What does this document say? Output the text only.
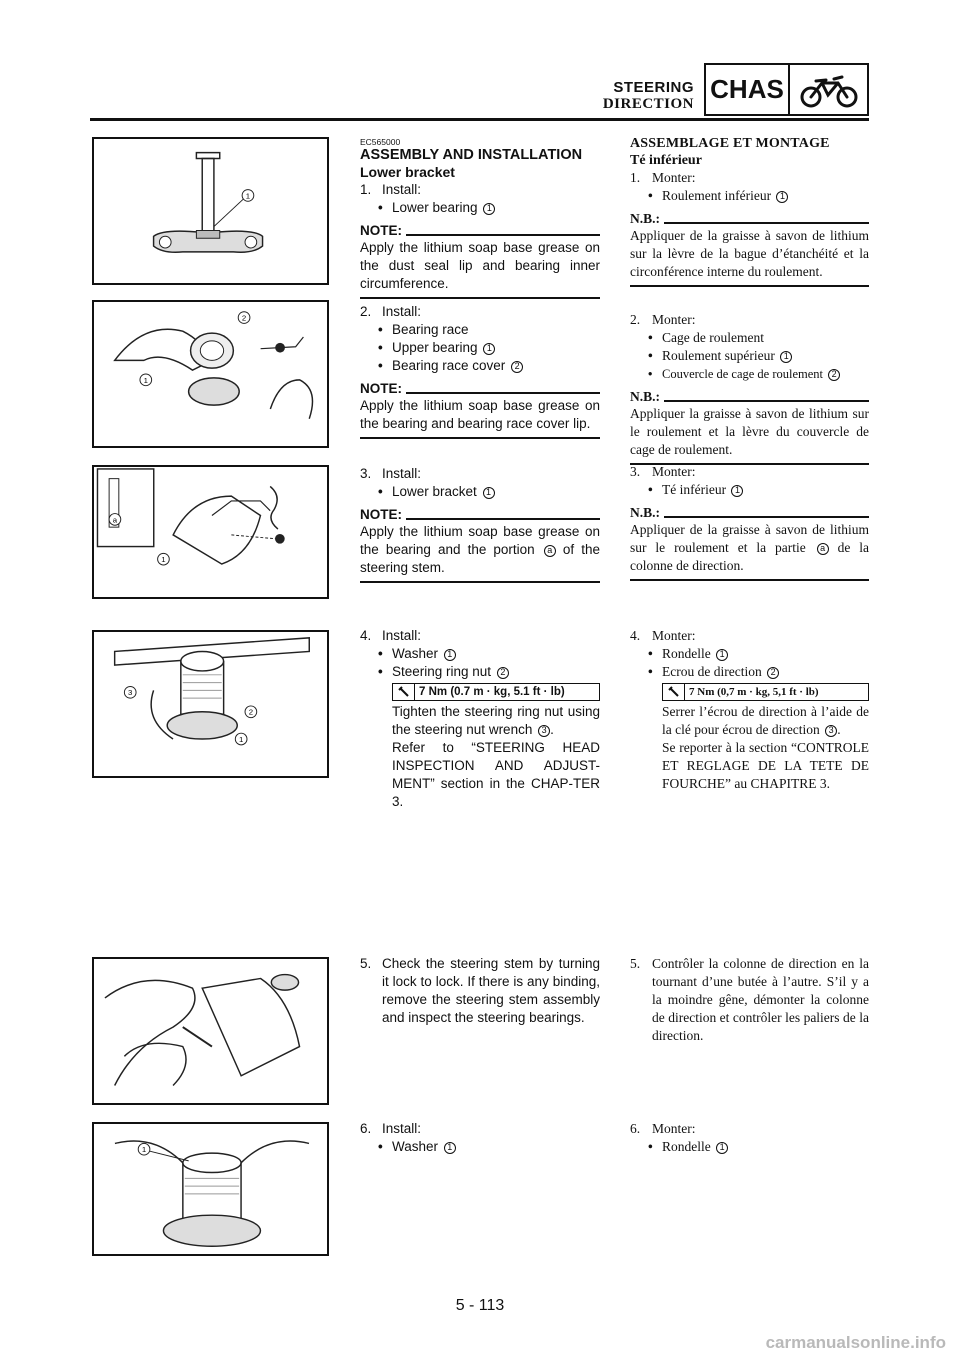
STEERING
DIRECTION CHAS
1
2
1
a
1
3
2
1
1
EC565000
ASSEMBLY AND INSTALLATION
Lower bracket
1. Install:
• Lower bearing 1
NOTE:
Apply the lithium soap base grease on the dust seal lip and bearing inner circumference.
2. Install:
• Bearing race
• Upper bearing 1
• Bearing race cover 2
NOTE:
Apply the lithium soap base grease on the bearing and bearing race cover lip.
3. Install:
• Lower bracket 1
NOTE:
Apply the lithium soap base grease on the bearing and the portion a of the steering stem.
4. Install:
• Washer 1
• Steering ring nut 2
7 Nm (0.7 m · kg, 5.1 ft · lb)
Tighten the steering ring nut using the steering nut wrench 3 .
Refer to “STEERING HEAD INSPECTION AND ADJUST-MENT” section in the CHAP-TER 3.
5. Check the steering stem by turning it lock to lock. If there is any binding, remove the steering stem assembly and inspect the steering bearings.
6. Install:
• Washer 1
ASSEMBLAGE ET MONTAGE
Té inférieur
1. Monter:
• Roulement inférieur 1
N.B.:
Appliquer de la graisse à savon de lithium sur la lèvre de la bague d’étanchéité et la circonférence interne du roulement.
2. Monter:
• Cage de roulement
• Roulement supérieur 1
• Couvercle de cage de roulement 2
N.B.:
Appliquer la graisse à savon de lithium sur le roulement et la lèvre du couvercle de cage de roulement.
3. Monter:
• Té inférieur 1
N.B.:
Appliquer de la graisse à savon de lithium sur le roulement et la partie a de la colonne de direction.
4. Monter:
• Rondelle 1
• Ecrou de direction 2
7 Nm (0,7 m · kg, 5,1 ft · lb)
Serrer l’écrou de direction à l’aide de la clé pour écrou de direction 3 .
Se reporter à la section “CONTROLE ET REGLAGE DE LA TETE DE FOURCHE” au CHAPITRE 3.
5. Contrôler la colonne de direction en la tournant d’une butée à l’autre. S’il y a la moindre gêne, démonter la colonne de direction et contrôler les paliers de la direction.
6. Monter:
• Rondelle 1
5 - 113
carmanualsonline.info
